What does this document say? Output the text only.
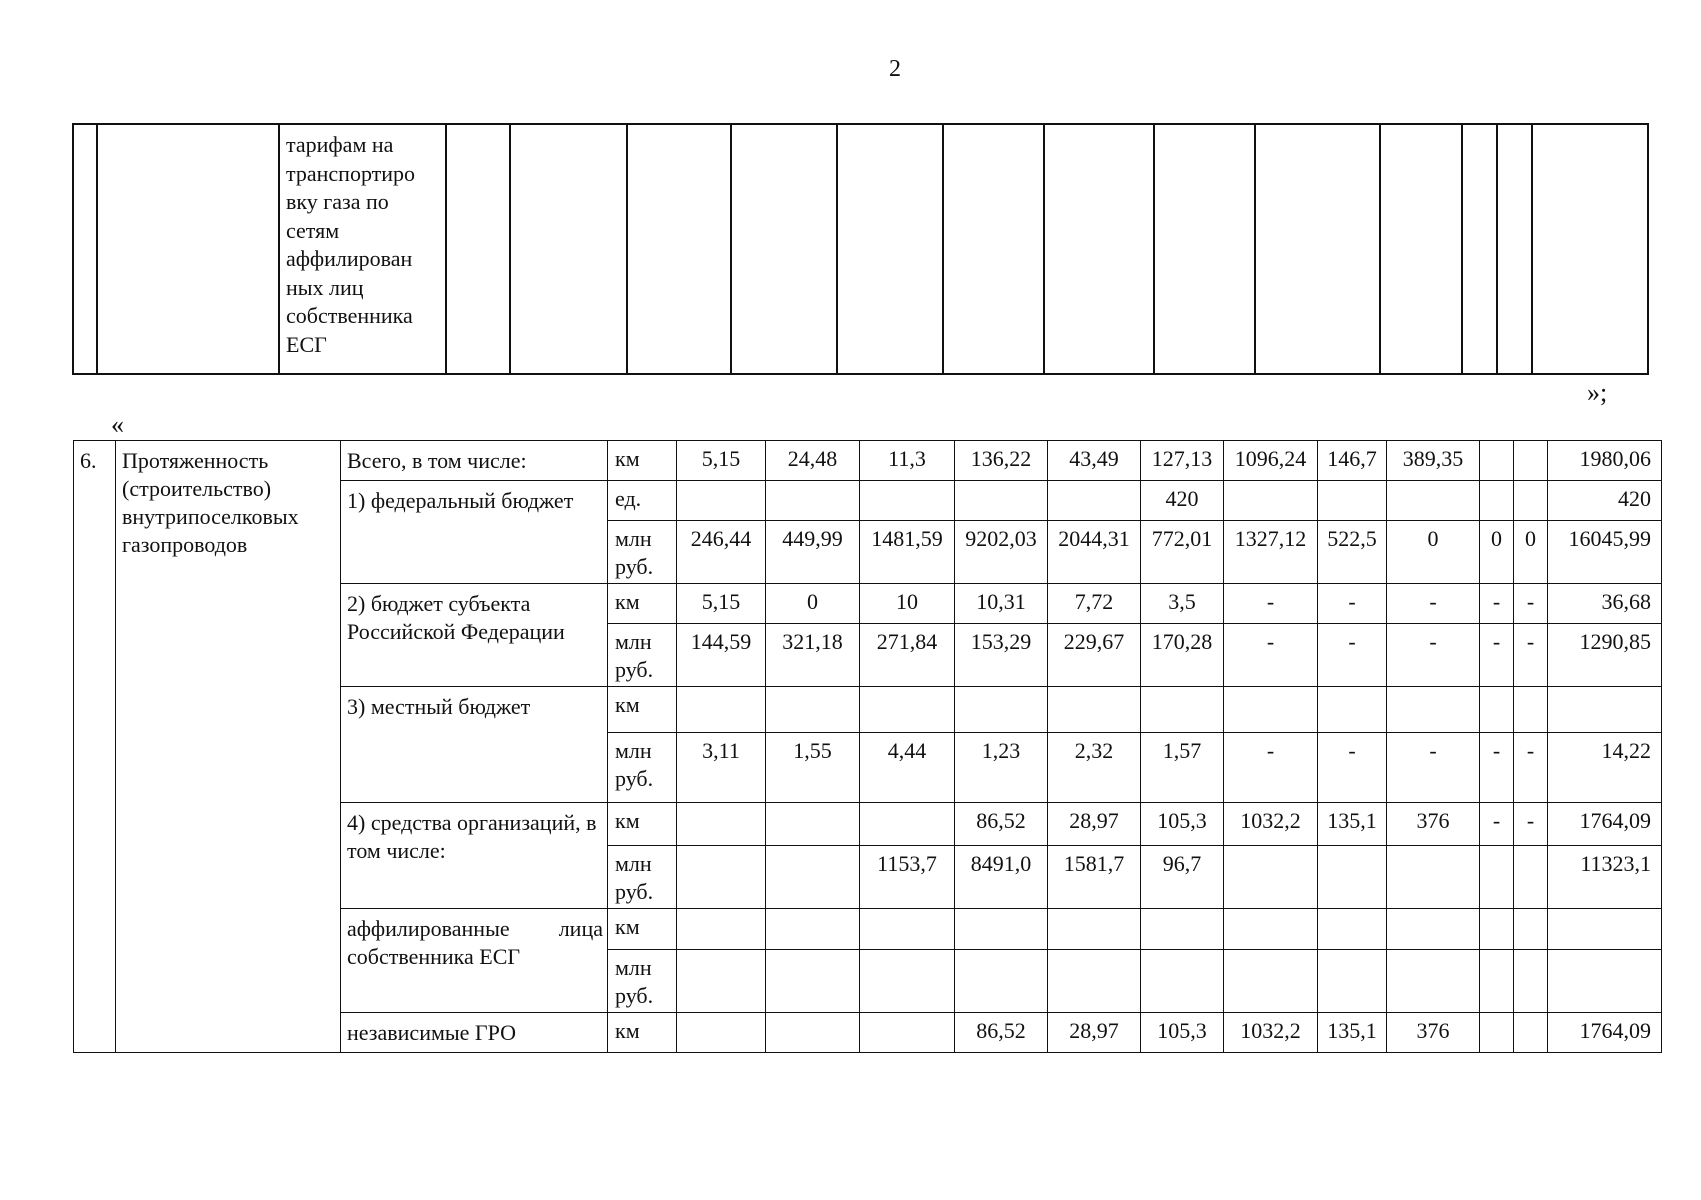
2

тарифам на
транспортиро
вку газа по
сетям
аффилирован
ных лиц
собственника
ЕСГ

»;
«
6.	Протяженность
(строительство)
внутрипоселковых
газопроводов	Всего, в том числе:	км	5,15	24,48	11,3	136,22	43,49	127,13	1096,24	146,7	389,35			1980,06
		1) федеральный бюджет	ед.						420						420
			млн руб.	246,44	449,99	1481,59	9202,03	2044,31	772,01	1327,12	522,5	0	0	0	16045,99
		2) бюджет субъекта Российской Федерации	км	5,15	0	10	10,31	7,72	3,5	-	-	-	-	-	36,68
			млн руб.	144,59	321,18	271,84	153,29	229,67	170,28	-	-	-	-	-	1290,85
		3) местный бюджет	км												
			млн руб.	3,11	1,55	4,44	1,23	2,32	1,57	-	-	-	-	-	14,22
		4) средства организаций, в том числе:	км				86,52	28,97	105,3	1032,2	135,1	376	-	-	1764,09
			млн руб.			1153,7	8491,0	1581,7	96,7						11323,1
		аффилированные лица собственника ЕСГ	км												
			млн руб.												
		независимые ГРО	км				86,52	28,97	105,3	1032,2	135,1	376			1764,09
